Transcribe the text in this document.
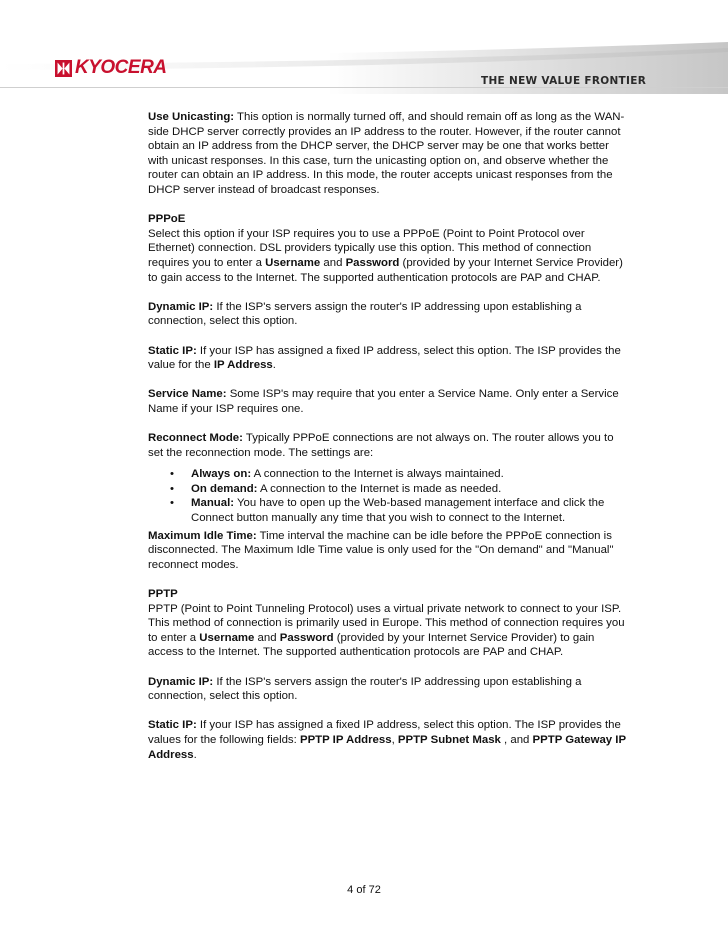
KYOCERA
THE NEW VALUE FRONTIER

Use Unicasting: This option is normally turned off, and should remain off as long as the WAN-side DHCP server correctly provides an IP address to the router. However, if the router cannot obtain an IP address from the DHCP server, the DHCP server may be one that works better with unicast responses. In this case, turn the unicasting option on, and observe whether the router can obtain an IP address. In this mode, the router accepts unicast responses from the DHCP server instead of broadcast responses.

PPPoE

Select this option if your ISP requires you to use a PPPoE (Point to Point Protocol over Ethernet) connection. DSL providers typically use this option. This method of connection requires you to enter a Username and Password (provided by your Internet Service Provider) to gain access to the Internet. The supported authentication protocols are PAP and CHAP.

Dynamic IP: If the ISP's servers assign the router's IP addressing upon establishing a connection, select this option.

Static IP: If your ISP has assigned a fixed IP address, select this option. The ISP provides the value for the IP Address.

Service Name: Some ISP's may require that you enter a Service Name. Only enter a Service Name if your ISP requires one.

Reconnect Mode: Typically PPPoE connections are not always on. The router allows you to set the reconnection mode. The settings are:

• Always on: A connection to the Internet is always maintained.
• On demand: A connection to the Internet is made as needed.
• Manual: You have to open up the Web-based management interface and click the Connect button manually any time that you wish to connect to the Internet.

Maximum Idle Time: Time interval the machine can be idle before the PPPoE connection is disconnected. The Maximum Idle Time value is only used for the "On demand" and "Manual" reconnect modes.

PPTP

PPTP (Point to Point Tunneling Protocol) uses a virtual private network to connect to your ISP. This method of connection is primarily used in Europe. This method of connection requires you to enter a Username and Password (provided by your Internet Service Provider) to gain access to the Internet. The supported authentication protocols are PAP and CHAP.

Dynamic IP: If the ISP's servers assign the router's IP addressing upon establishing a connection, select this option.

Static IP: If your ISP has assigned a fixed IP address, select this option. The ISP provides the values for the following fields: PPTP IP Address, PPTP Subnet Mask , and PPTP Gateway IP Address.

4 of 72
